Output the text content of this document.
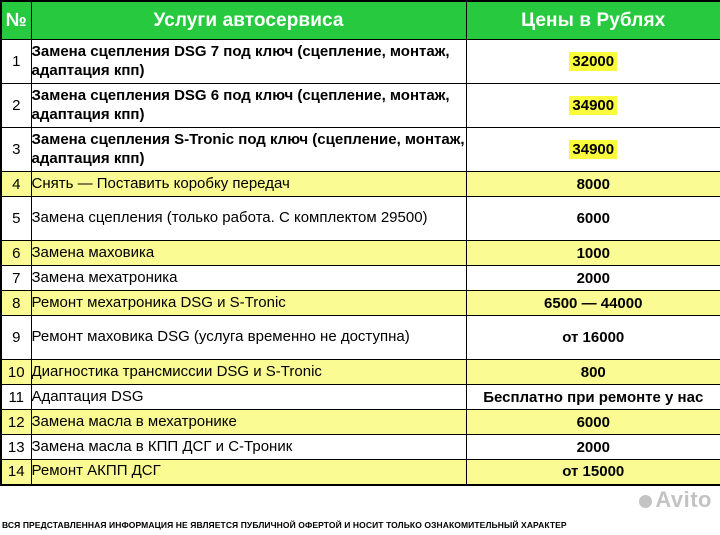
№	Услуги автосервиса	Цены в Рублях
1	Замена сцепления DSG 7 под ключ (сцепление, монтаж, адаптация кпп)	32000
2	Замена сцепления DSG 6 под ключ (сцепление, монтаж, адаптация кпп)	34900
3	Замена сцепления S-Tronic под ключ (сцепление, монтаж, адаптация кпп)	34900
4	Снять — Поставить коробку передач	8000
5	Замена сцепления (только работа. С комплектом 29500)	6000
6	Замена маховика	1000
7	Замена мехатроника	2000
8	Ремонт мехатроника DSG и S-Tronic	6500 — 44000
9	Ремонт маховика DSG (услуга временно не доступна)	от 16000
10	Диагностика трансмиссии DSG и S-Tronic	800
11	Адаптация DSG	Бесплатно при ремонте у нас
12	Замена масла в мехатронике	6000
13	Замена масла в КПП ДСГ и С-Троник	2000
14	Ремонт АКПП ДСГ	от 15000
Avito
ВСЯ ПРЕДСТАВЛЕННАЯ ИНФОРМАЦИЯ НЕ ЯВЛЯЕТСЯ ПУБЛИЧНОЙ ОФЕРТОЙ И НОСИТ ТОЛЬКО ОЗНАКОМИТЕЛЬНЫЙ ХАРАКТЕР
